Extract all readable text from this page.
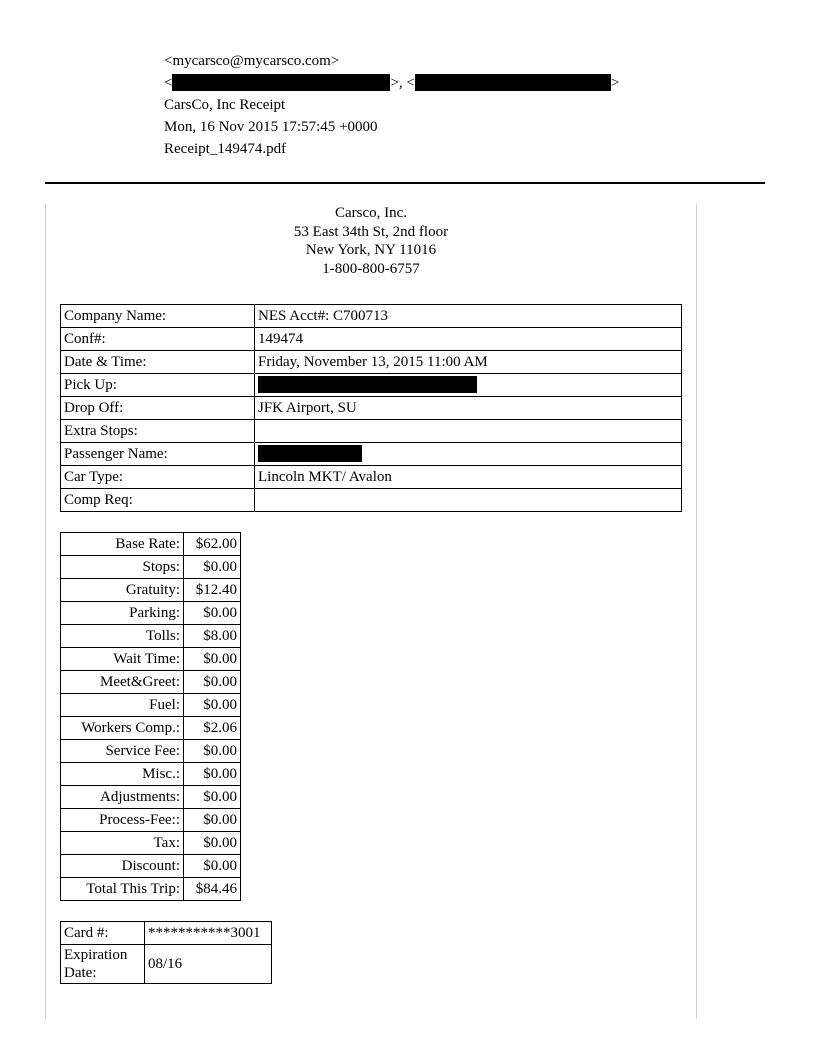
<mycarsco@mycarsco.com>
<	>, <	>
CarsCo, Inc Receipt
Mon, 16 Nov 2015 17:57:45 +0000
Receipt_149474.pdf
Carsco, Inc.
53 East 34th St, 2nd floor
New York, NY 11016
1-800-800-6757
Company Name:	NES Acct#: C700713
Conf#:	149474
Date & Time:	Friday, November 13, 2015 11:00 AM
Pick Up:	
Drop Off:	JFK Airport, SU
Extra Stops:	
Passenger Name:	
Car Type:	Lincoln MKT/ Avalon
Comp Req:	
Base Rate:	$62.00
Stops:	$0.00
Gratuity:	$12.40
Parking:	$0.00
Tolls:	$8.00
Wait Time:	$0.00
Meet&Greet:	$0.00
Fuel:	$0.00
Workers Comp.:	$2.06
Service Fee:	$0.00
Misc.:	$0.00
Adjustments:	$0.00
Process-Fee::	$0.00
Tax:	$0.00
Discount:	$0.00
Total This Trip:	$84.46
Card #:	***********3001
Expiration Date:	08/16
